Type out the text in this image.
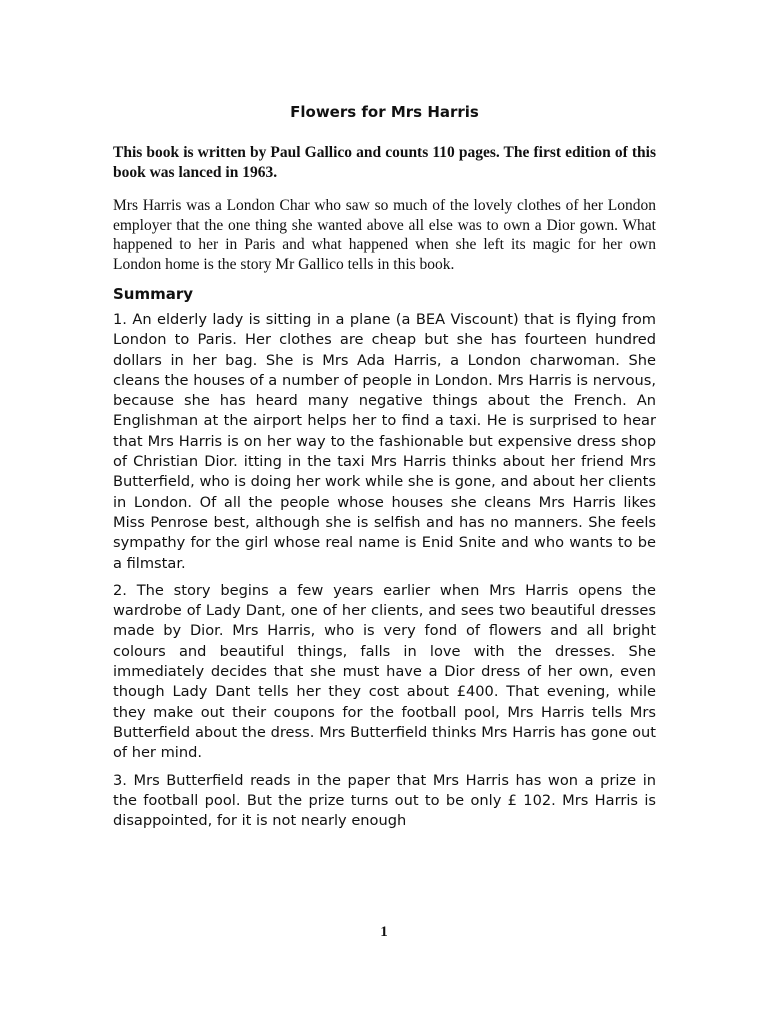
Flowers for Mrs Harris

This book is written by Paul Gallico and counts 110 pages. The first edition of this book was lanced in 1963.

Mrs Harris was a London Char who saw so much of the lovely clothes of her London employer that the one thing she wanted above all else was to own a Dior gown. What happened to her in Paris and what happened when she left its magic for her own London home is the story Mr Gallico tells in this book.

Summary

1. An elderly lady is sitting in a plane (a BEA Viscount) that is flying from London to Paris. Her clothes are cheap but she has fourteen hundred dollars in her bag. She is Mrs Ada Harris, a London charwoman. She cleans the houses of a number of people in London. Mrs Harris is nervous, because she has heard many negative things about the French. An Englishman at the airport helps her to find a taxi. He is surprised to hear that Mrs Harris is on her way to the fashionable but expensive dress shop of Christian Dior. itting in the taxi Mrs Harris thinks about her friend Mrs Butterfield, who is doing her work while she is gone, and about her clients in London. Of all the people whose houses she cleans Mrs Harris likes Miss Penrose best, although she is selfish and has no manners. She feels sympathy for the girl whose real name is Enid Snite and who wants to be a filmstar.

2. The story begins a few years earlier when Mrs Harris opens the wardrobe of Lady Dant, one of her clients, and sees two beautiful dresses made by Dior. Mrs Harris, who is very fond of flowers and all bright colours and beautiful things, falls in love with the dresses. She immediately decides that she must have a Dior dress of her own, even though Lady Dant tells her they cost about £400. That evening, while they make out their coupons for the football pool, Mrs Harris tells Mrs Butterfield about the dress. Mrs Butterfield thinks Mrs Harris has gone out of her mind.

3. Mrs Butterfield reads in the paper that Mrs Harris has won a prize in the football pool. But the prize turns out to be only £ 102. Mrs Harris is disappointed, for it is not nearly enough

1
